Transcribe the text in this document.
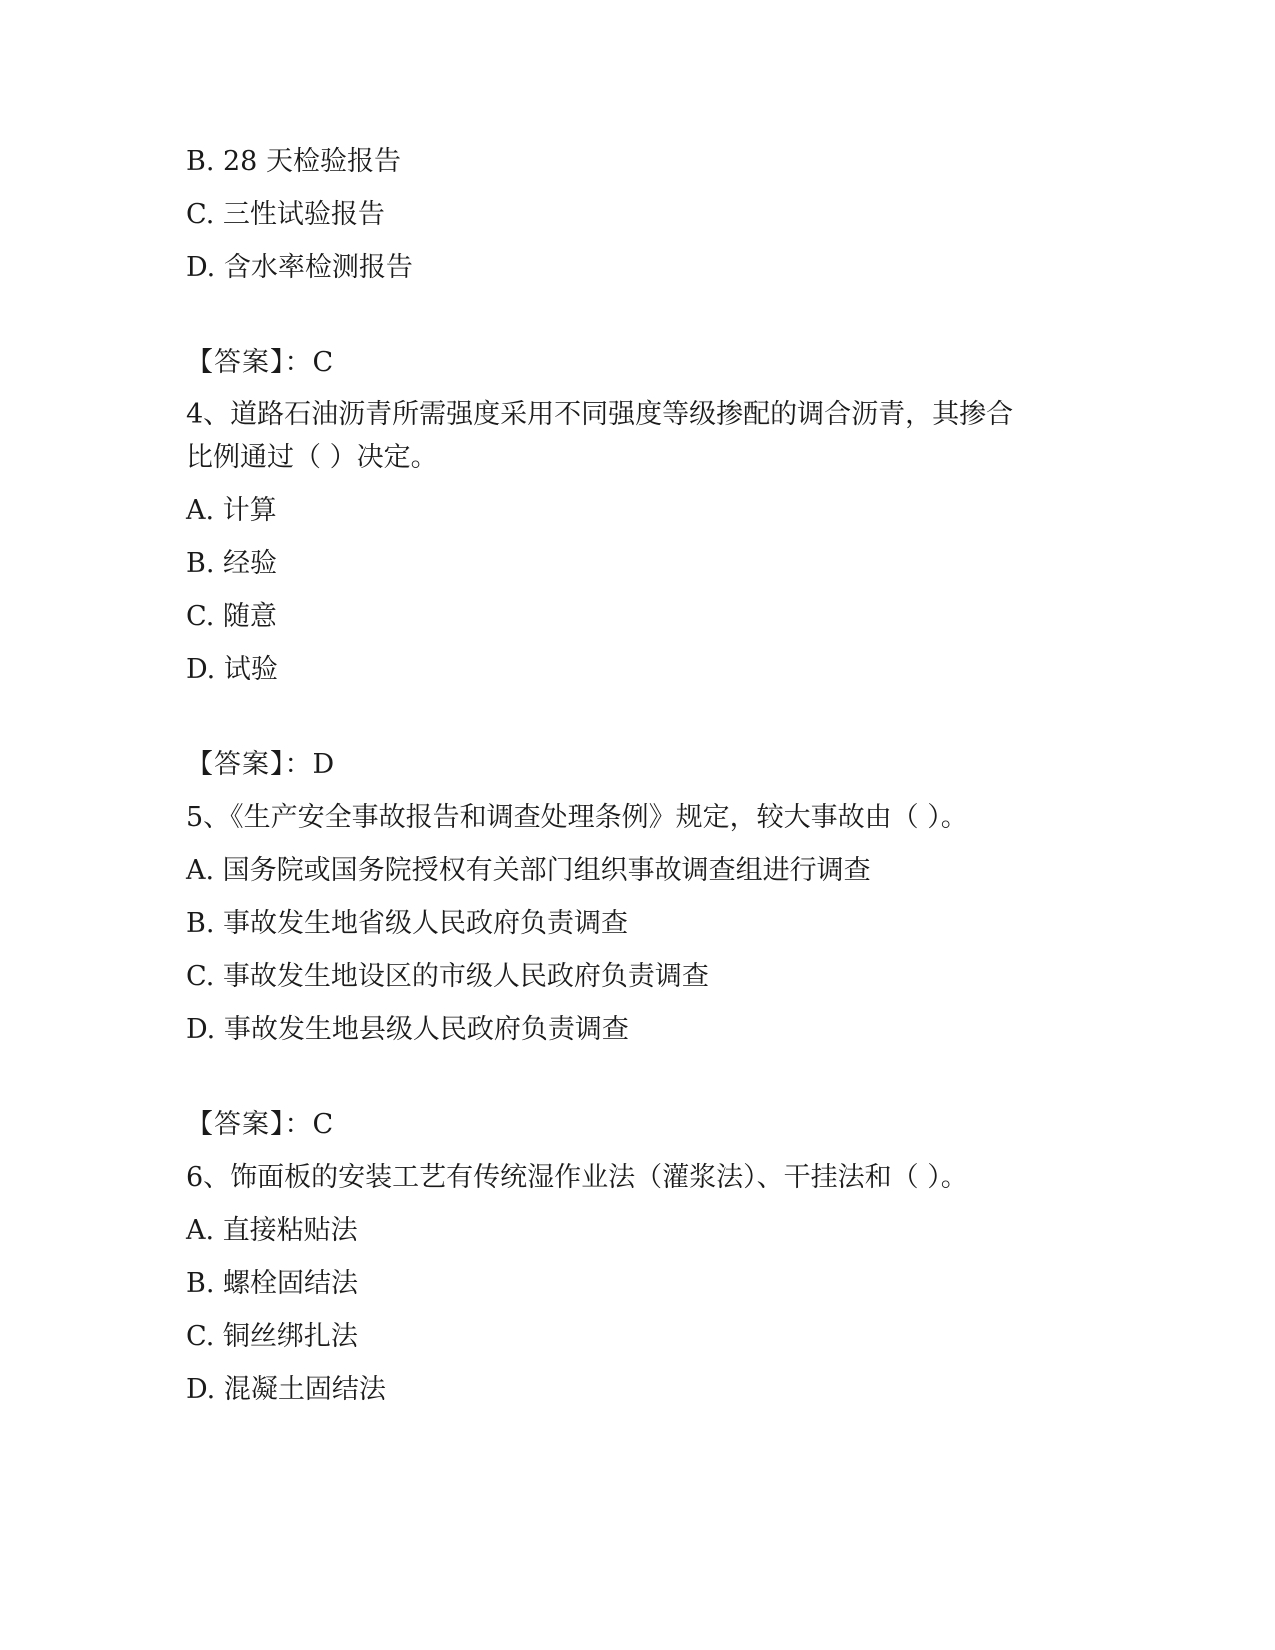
B. 28 天检验报告
C. 三性试验报告
D. 含水率检测报告
【答案】：C
4、道路石油沥青所需强度采用不同强度等级掺配的调合沥青，其掺合
比例通过（ ）决定。
A. 计算
B. 经验
C. 随意
D. 试验
【答案】：D
5、《生产安全事故报告和调查处理条例》规定，较大事故由（ ）。
A. 国务院或国务院授权有关部门组织事故调查组进行调查
B. 事故发生地省级人民政府负责调查
C. 事故发生地设区的市级人民政府负责调查
D. 事故发生地县级人民政府负责调查
【答案】：C
6、饰面板的安装工艺有传统湿作业法（灌浆法）、干挂法和（ ）。
A. 直接粘贴法
B. 螺栓固结法
C. 铜丝绑扎法
D. 混凝土固结法
